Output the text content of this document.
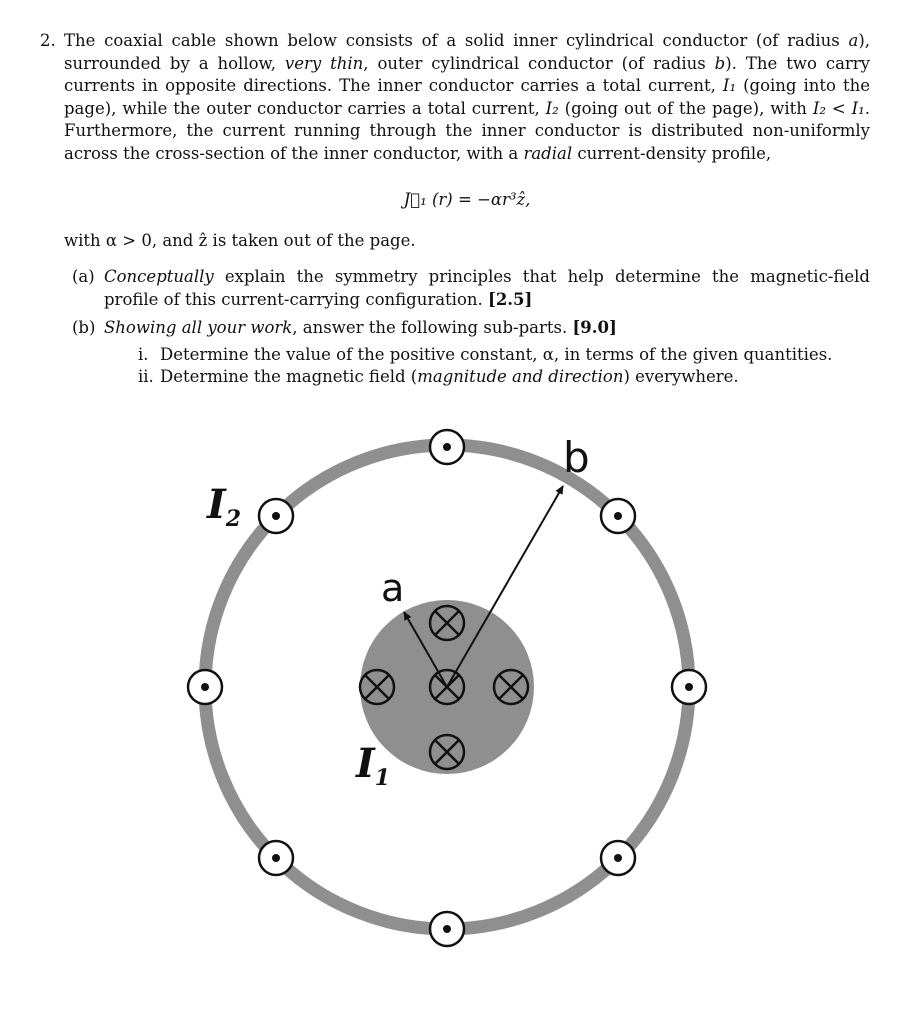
2. The coaxial cable shown below consists of a solid inner cylindrical conductor (of radius a), surrounded by a hollow, very thin, outer cylindrical conductor (of radius b). The two carry currents in opposite directions. The inner conductor carries a total current, I₁ (going into the page), while the outer conductor carries a total current, I₂ (going out of the page), with I₂ < I₁. Furthermore, the current running through the inner conductor is distributed non-uniformly across the cross-section of the inner conductor, with a radial current-density profile,
J⃗₁ (r) = −αr³ẑ,
with α > 0, and ẑ is taken out of the page.
(a) Conceptually explain the symmetry principles that help determine the magnetic-field profile of this current-carrying configuration. [2.5]
(b) Showing all your work, answer the following sub-parts. [9.0]
i. Determine the value of the positive constant, α, in terms of the given quantities.
ii. Determine the magnetic field (magnitude and direction) everywhere.
b
a
$I_2$
$I_1$
